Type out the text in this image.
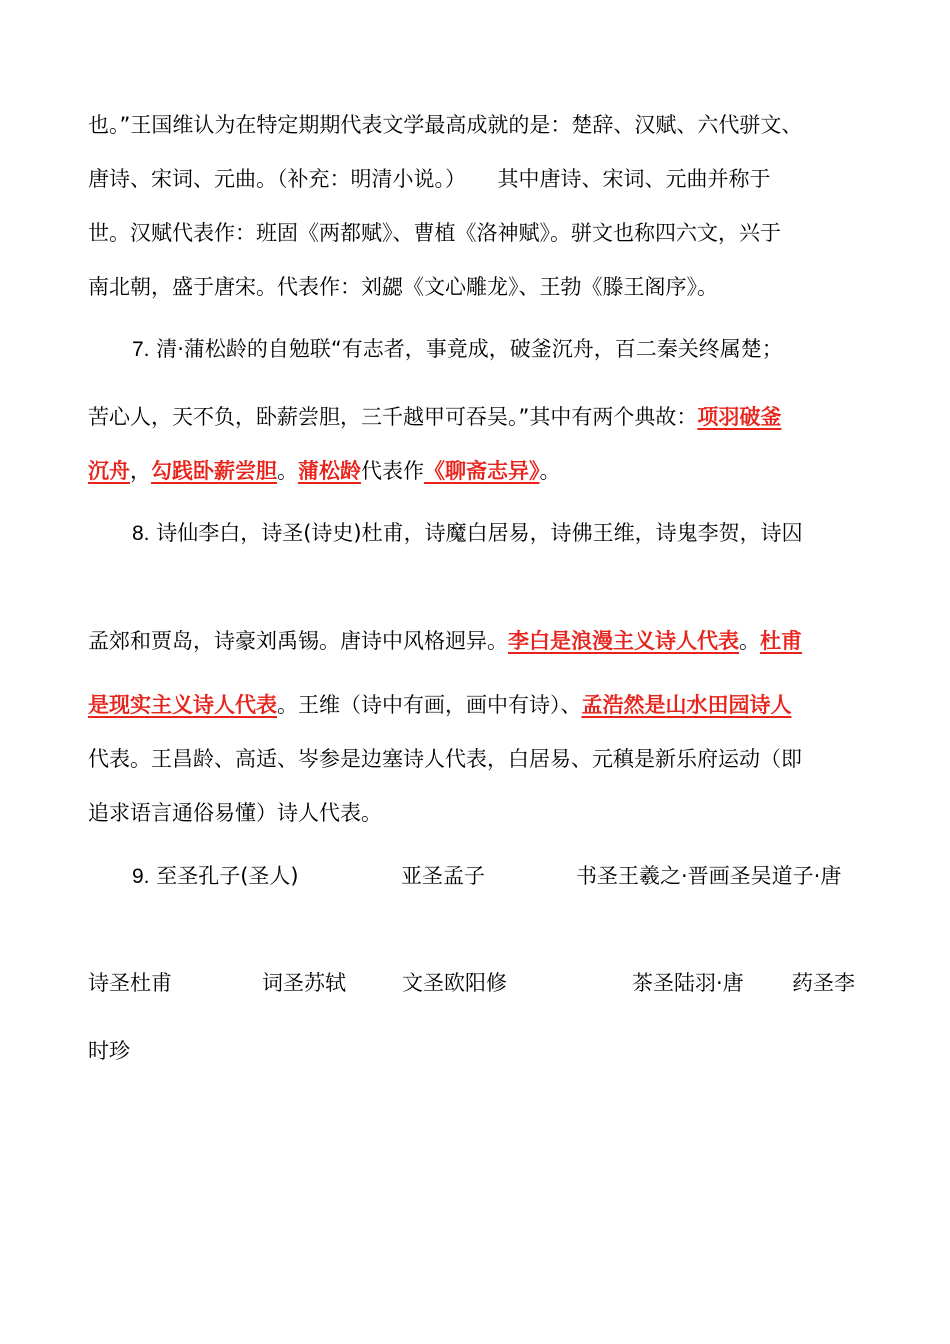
也。”王国维认为在特定期期代表文学最高成就的是：楚辞、汉赋、六代骈文、
唐诗、宋词、元曲。（补充：明清小说。）　　其中唐诗、宋词、元曲并称于
世。汉赋代表作：班固《两都赋》、曹植《洛神赋》。骈文也称四六文，兴于
南北朝，盛于唐宋。代表作：刘勰《文心雕龙》、王勃《滕王阁序》。
7. 清·蒲松龄的自勉联“有志者，事竟成，破釜沉舟，百二秦关终属楚；
苦心人，天不负，卧薪尝胆，三千越甲可吞吴。”其中有两个典故：项羽破釜
沉舟，勾践卧薪尝胆。蒲松龄代表作《聊斋志异》。
8. 诗仙李白，诗圣(诗史)杜甫，诗魔白居易，诗佛王维，诗鬼李贺，诗囚
孟郊和贾岛，诗豪刘禹锡。唐诗中风格迥异。李白是浪漫主义诗人代表。杜甫
是现实主义诗人代表。王维（诗中有画，画中有诗）、孟浩然是山水田园诗人
代表。王昌龄、高适、岑参是边塞诗人代表，白居易、元稹是新乐府运动（即
追求语言通俗易懂）诗人代表。
9. 至圣孔子(圣人)	亚圣孟子	书圣王羲之·晋画圣吴道子·唐
诗圣杜甫	词圣苏轼	文圣欧阳修	茶圣陆羽·唐 药圣李
时珍
